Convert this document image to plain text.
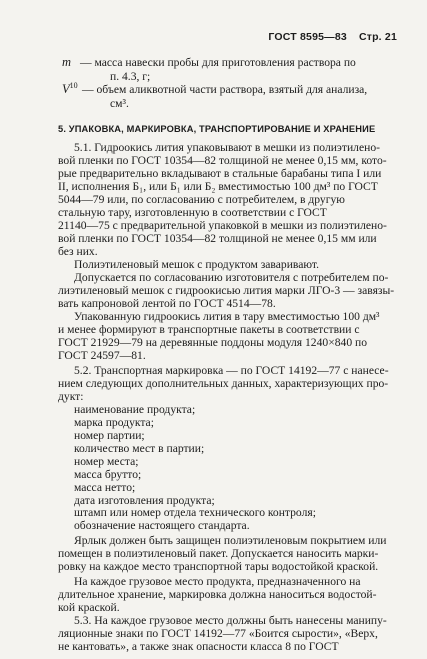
ГОСТ 8595—83 Стр. 21
m — масса навески пробы для приготовления раствора по
п. 4.3, г;
$V^{10}$ — объем аликвотной части раствора, взятый для анализа,
см³.
5. УПАКОВКА, МАРКИРОВКА, ТРАНСПОРТИРОВАНИЕ И ХРАНЕНИЕ
5.1. Гидроокись лития упаковывают в мешки из полиэтилено-
вой пленки по ГОСТ 10354—82 толщиной не менее 0,15 мм, кото-
рые предварительно вкладывают в стальные барабаны типа I или
II, исполнения Б₁, или Б₁ или Б₂ вместимостью 100 дм³ по ГОСТ
5044—79 или, по согласованию с потребителем, в другую
стальную тару, изготовленную в соответствии с ГОСТ
21140—75 с предварительной упаковкой в мешки из полиэтилено-
вой пленки по ГОСТ 10354—82 толщиной не менее 0,15 мм или
без них.
Полиэтиленовый мешок с продуктом заваривают.
Допускается по согласованию изготовителя с потребителем по-
лиэтиленовый мешок с гидроокисью лития марки ЛГО-3 — завязы-
вать капроновой лентой по ГОСТ 4514—78.
Упакованную гидроокись лития в тару вместимостью 100 дм³
и менее формируют в транспортные пакеты в соответствии с
ГОСТ 21929—79 на деревянные поддоны модуля 1240×840 по
ГОСТ 24597—81.
5.2. Транспортная маркировка — по ГОСТ 14192—77 с нанесе-
нием следующих дополнительных данных, характеризующих про-
дукт:
наименование продукта;
марка продукта;
номер партии;
количество мест в партии;
номер места;
масса брутто;
масса нетто;
дата изготовления продукта;
штамп или номер отдела технического контроля;
обозначение настоящего стандарта.
Ярлык должен быть защищен полиэтиленовым покрытием или
помещен в полиэтиленовый пакет. Допускается наносить марки-
ровку на каждое место транспортной тары водостойкой краской.
На каждое грузовое место продукта, предназначенного на
длительное хранение, маркировка должна наноситься водостой-
кой краской.
5.3. На каждое грузовое место должны быть нанесены манипу-
ляционные знаки по ГОСТ 14192—77 «Боится сырости», «Верх,
не кантовать», а также знак опасности класса 8 по ГОСТ
